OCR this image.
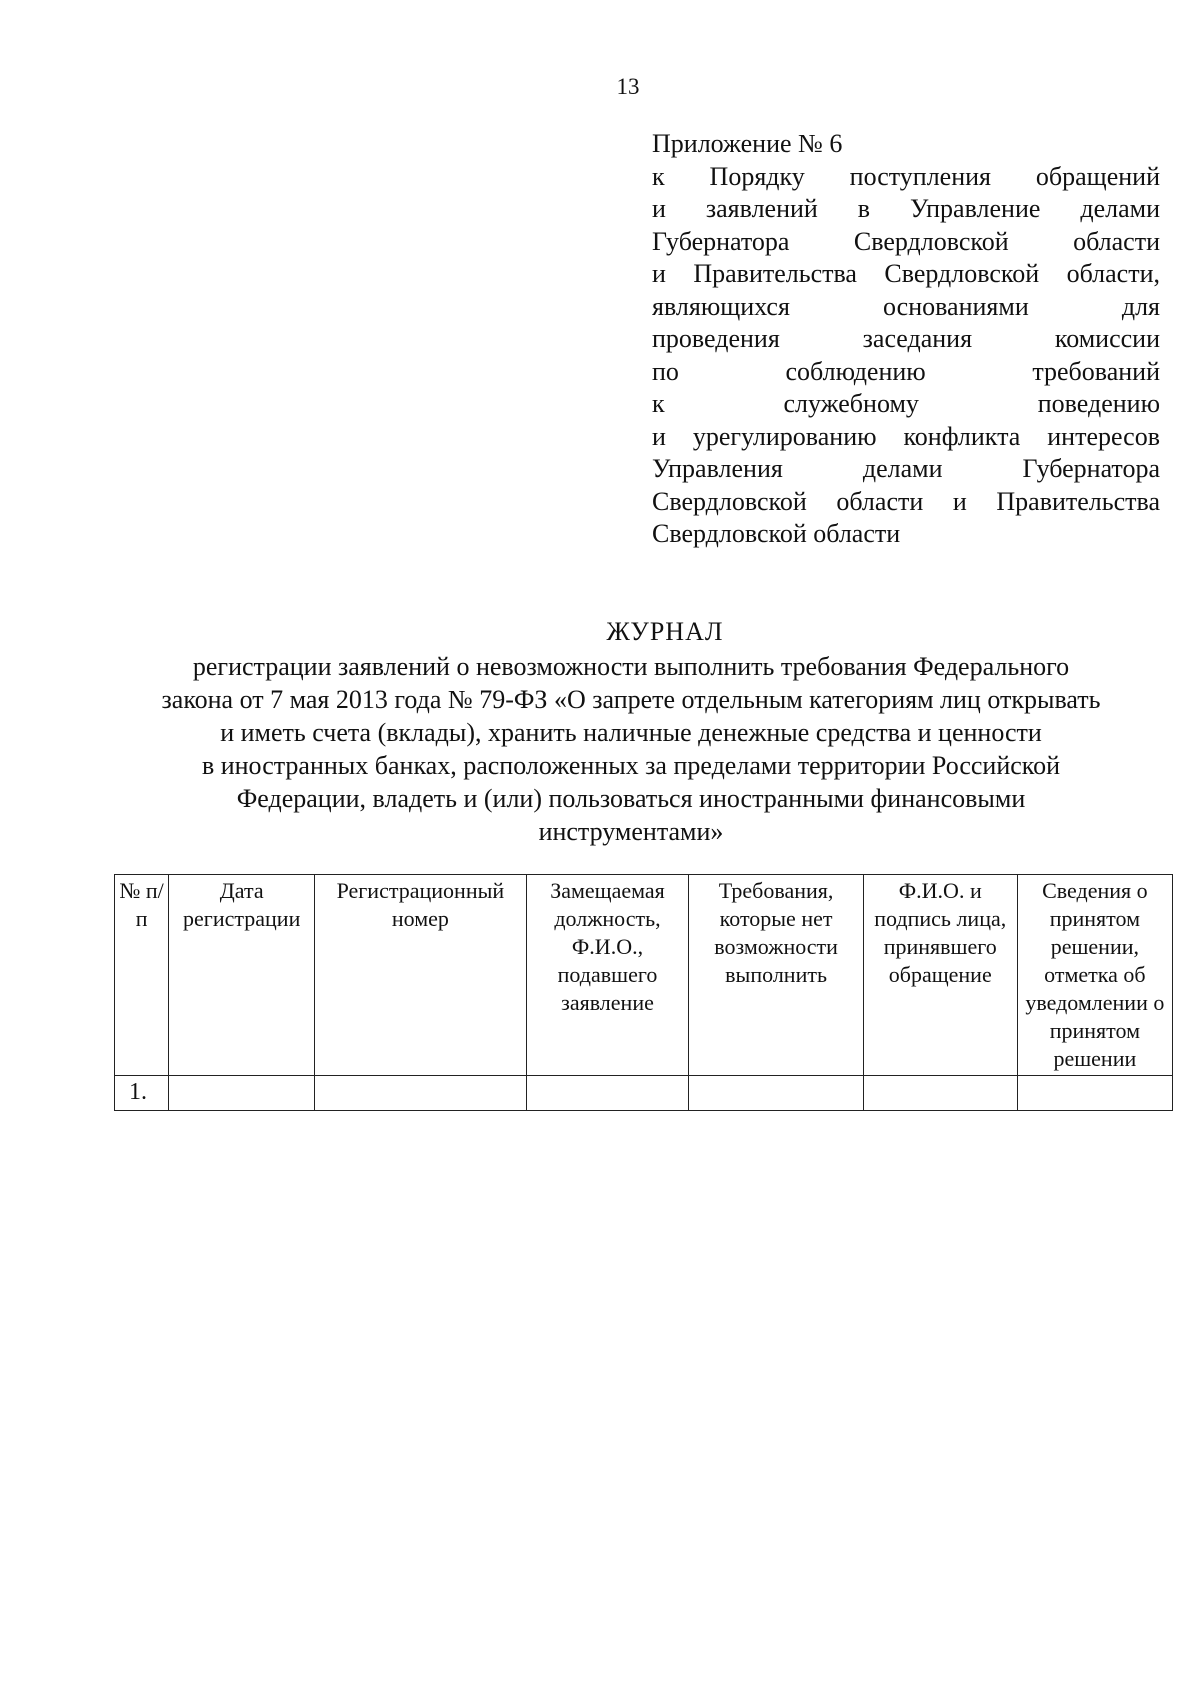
13
Приложение № 6
к Порядку поступления обращений
и заявлений в Управление делами
Губернатора Свердловской области
и Правительства Свердловской области,
являющихся основаниями для
проведения заседания комиссии
по соблюдению требований
к служебному поведению
и урегулированию конфликта интересов
Управления делами Губернатора
Свердловской области и Правительства
Свердловской области
ЖУРНАЛ
регистрации заявлений о невозможности выполнить требования Федерального
закона от 7 мая 2013 года № 79-ФЗ «О запрете отдельным категориям лиц открывать
и иметь счета (вклады), хранить наличные денежные средства и ценности
в иностранных банках, расположенных за пределами территории Российской
Федерации, владеть и (или) пользоваться иностранными финансовыми
инструментами»
№ п/п	Дата регистрации	Регистрационный номер	Замещаемая должность, Ф.И.О., подавшего заявление	Требования, которые нет возможности выполнить	Ф.И.О. и подпись лица, принявшего обращение	Сведения о принятом решении, отметка об уведомлении о принятом решении
1.						
